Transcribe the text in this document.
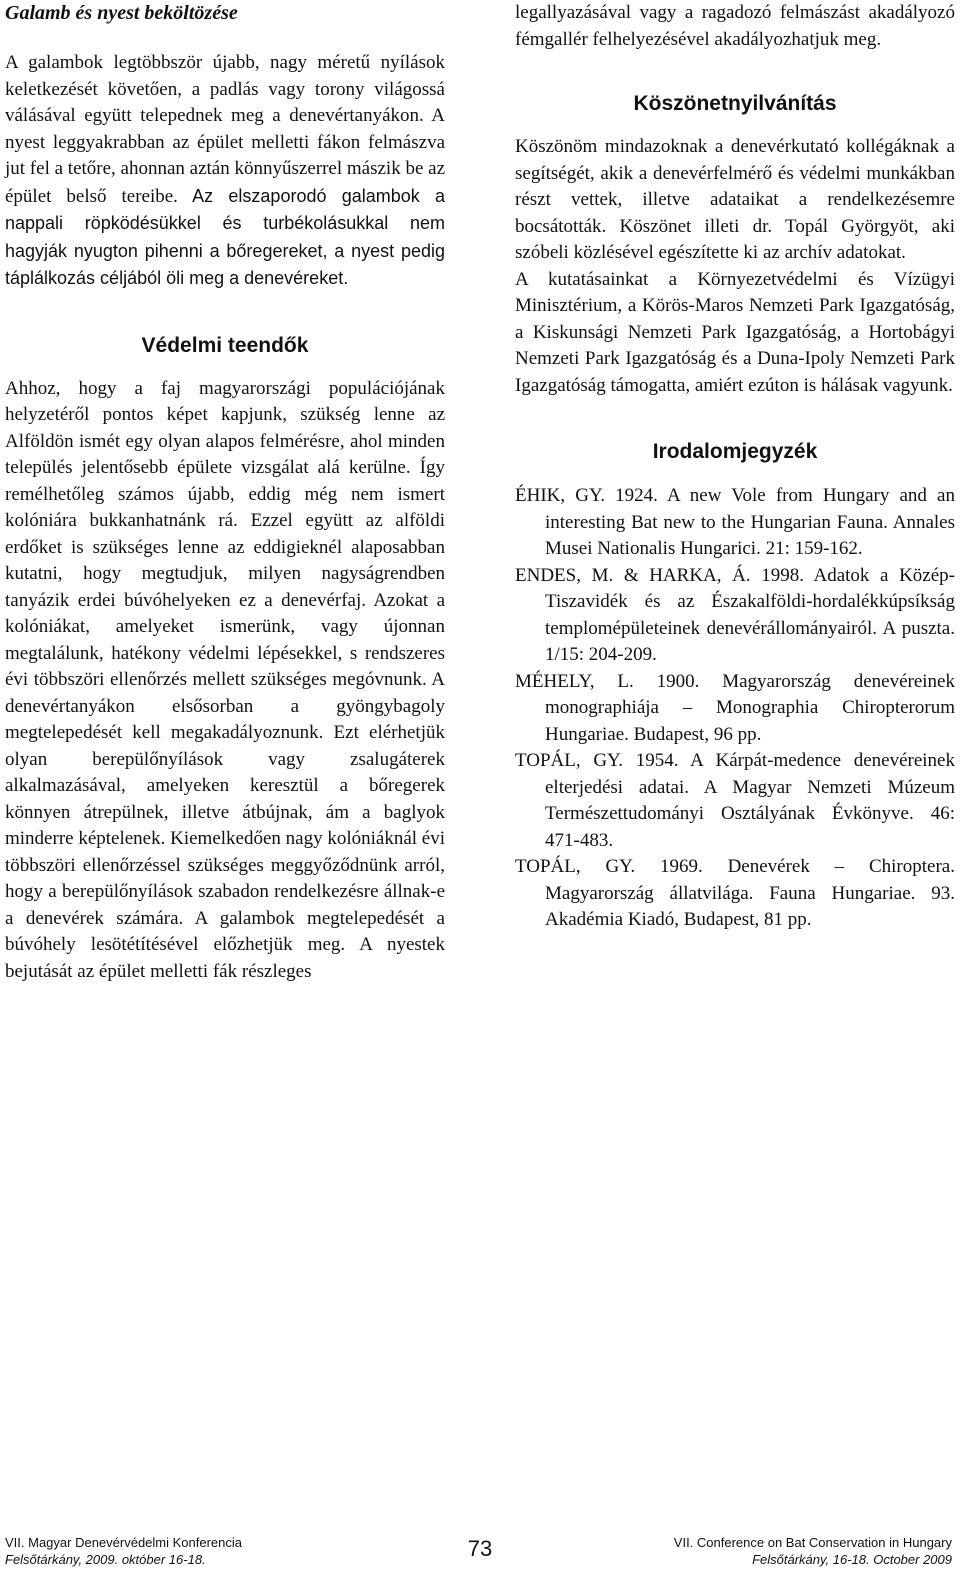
Galamb és nyest beköltözése

A galambok legtöbbször újabb, nagy méretű nyílások keletkezését követően, a padlás vagy torony világossá válásával együtt telepednek meg a denevértanyákon. A nyest leggyakrabban az épület melletti fákon felmászva jut fel a tetőre, ahonnan aztán könnyűszerrel mászik be az épület belső tereibe. Az elszaporodó galambok a nappali röpködésükkel és turbékolásukkal nem hagyják nyugton pihenni a bőregereket, a nyest pedig táplálkozás céljából öli meg a denevéreket.

Védelmi teendők

Ahhoz, hogy a faj magyarországi populációjának helyzetéről pontos képet kapjunk, szükség lenne az Alföldön ismét egy olyan alapos felmérésre, ahol minden település jelentősebb épülete vizsgálat alá kerülne. Így remélhetőleg számos újabb, eddig még nem ismert kolóniára bukkanhatnánk rá. Ezzel együtt az alföldi erdőket is szükséges lenne az eddigieknél alaposabban kutatni, hogy megtudjuk, milyen nagyságrendben tanyázik erdei búvóhelyeken ez a denevérfaj. Azokat a kolóniákat, amelyeket ismerünk, vagy újonnan megtalálunk, hatékony védelmi lépésekkel, s rendszeres évi többszöri ellenőrzés mellett szükséges megóvnunk. A denevértanyákon elsősorban a gyöngybagoly megtelepedését kell megakadályoznunk. Ezt elérhetjük olyan berepülőnyílások vagy zsalugáterek alkalmazásával, amelyeken keresztül a bőregerek könnyen átrepülnek, illetve átbújnak, ám a baglyok minderre képtelenek. Kiemelkedően nagy kolóniáknál évi többszöri ellenőrzéssel szükséges meggyőződnünk arról, hogy a berepülőnyílások szabadon rendelkezésre állnak-e a denevérek számára. A galambok megtelepedését a búvóhely lesötétítésével előzhetjük meg. A nyestek bejutását az épület melletti fák részleges

legallyazásával vagy a ragadozó felmászást akadályozó fémgallér felhelyezésével akadályozhatjuk meg.

Köszönetnyilvánítás

Köszönöm mindazoknak a denevérkutató kollégáknak a segítségét, akik a denevérfelmérő és védelmi munkákban részt vettek, illetve adataikat a rendelkezésemre bocsátották. Köszönet illeti dr. Topál Györgyöt, aki szóbeli közlésével egészítette ki az archív adatokat.

A kutatásainkat a Környezetvédelmi és Vízügyi Minisztérium, a Körös-Maros Nemzeti Park Igazgatóság, a Kiskunsági Nemzeti Park Igazgatóság, a Hortobágyi Nemzeti Park Igazgatóság és a Duna-Ipoly Nemzeti Park Igazgatóság támogatta, amiért ezúton is hálásak vagyunk.

Irodalomjegyzék

ÉHIK, GY. 1924. A new Vole from Hungary and an interesting Bat new to the Hungarian Fauna. Annales Musei Nationalis Hungarici. 21: 159-162.

ENDES, M. & HARKA, Á. 1998. Adatok a Közép-Tiszavidék és az Északalföldi-hordalékkúpsíkság templomépületeinek denevérállományairól. A puszta. 1/15: 204-209.

MÉHELY, L. 1900. Magyarország denevéreinek monographiája – Monographia Chiropterorum Hungariae. Budapest, 96 pp.

TOPÁL, GY. 1954. A Kárpát-medence denevéreinek elterjedési adatai. A Magyar Nemzeti Múzeum Természettudományi Osztályának Évkönyve. 46: 471-483.

TOPÁL, GY. 1969. Denevérek – Chiroptera. Magyarország állatvilága. Fauna Hungariae. 93. Akadémia Kiadó, Budapest, 81 pp.

VII. Magyar Denevérvédelmi Konferencia
Felsőtárkány, 2009. október 16-18.	73	VII. Conference on Bat Conservation in Hungary
Felsőtárkány, 16-18. October 2009
